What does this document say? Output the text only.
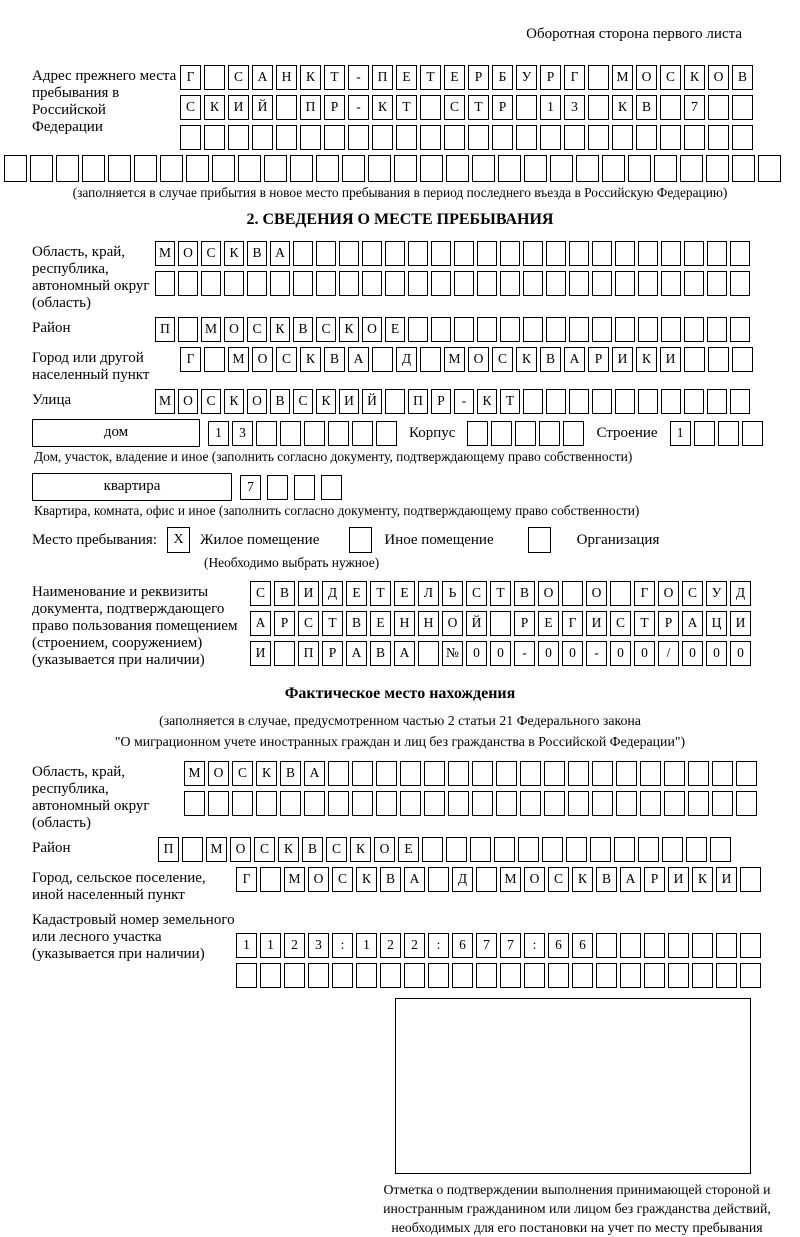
Оборотная сторона первого листа
Адрес прежнего места пребывания в Российской Федерации
Г	С	А	Н	К	Т	-	П	Е	Т	Е	Р	Б	У	Р	Г	М О	С	К	О	В
С	К	И	Й	П	Р	-	К	Т	С	Т	Р	1	3	К	В	7
(заполняется в случае прибытия в новое место пребывания в период последнего въезда в Российскую Федерацию)
2. СВЕДЕНИЯ О МЕСТЕ ПРЕБЫВАНИЯ
Область, край, республика, автономный округ (область)
М О	С	К	В	А
Район	П	М О	С	К	В	С	К	О	Е
Город или другой населенный пункт
Г	М О	С	К	В	А	Д	М О	С	К	В	А	Р	И	К	И
Улица	М О	С	К	О	В	С	К	И Й	П	Р	-	К	Т
дом	1	3	Корпус	Строение	1
Дом, участок, владение и иное (заполнить согласно документу, подтверждающему право собственности)
квартира	7
Квартира, комната, офис и иное (заполнить согласно документу, подтверждающему право собственности)
Место пребывания:	X	Жилое помещение	Иное помещение	Организация
(Необходимо выбрать нужное)
Наименование и реквизиты документа, подтверждающего право пользования помещением (строением, сооружением) (указывается при наличии)
С	В	И	Д	Е	Т	Е	Л	Ь	С	Т	В	О	О	Г	О	С	У	Д
А	Р	С	Т	В	Е	Н	Н	О	Й	Р	Е	Г	И	С	Т	Р	А	Ц	И
И	П	Р	А	В	А	№	0	0	-	0	0	-	0	0	/	0	0	0
Фактическое место нахождения
(заполняется в случае, предусмотренном частью 2 статьи 21 Федерального закона
"О миграционном учете иностранных граждан и лиц без гражданства в Российской Федерации")
Область, край, республика, автономный округ (область)
М О	С	К	В	А
Район	П	М О	С	К	В	С	К	О	Е
Город, сельское поселение, иной населенный пункт
Г	М О	С	К	В	А	Д	М О	С	К	В	А	Р	И	К	И
Кадастровый номер земельного или лесного участка (указывается при наличии)
1	1	2	3	:	1	2	2	:	6	7	7	:	6	6
Отметка о подтверждении выполнения принимающей стороной и иностранным гражданином или лицом без гражданства действий, необходимых для его постановки на учет по месту пребывания
